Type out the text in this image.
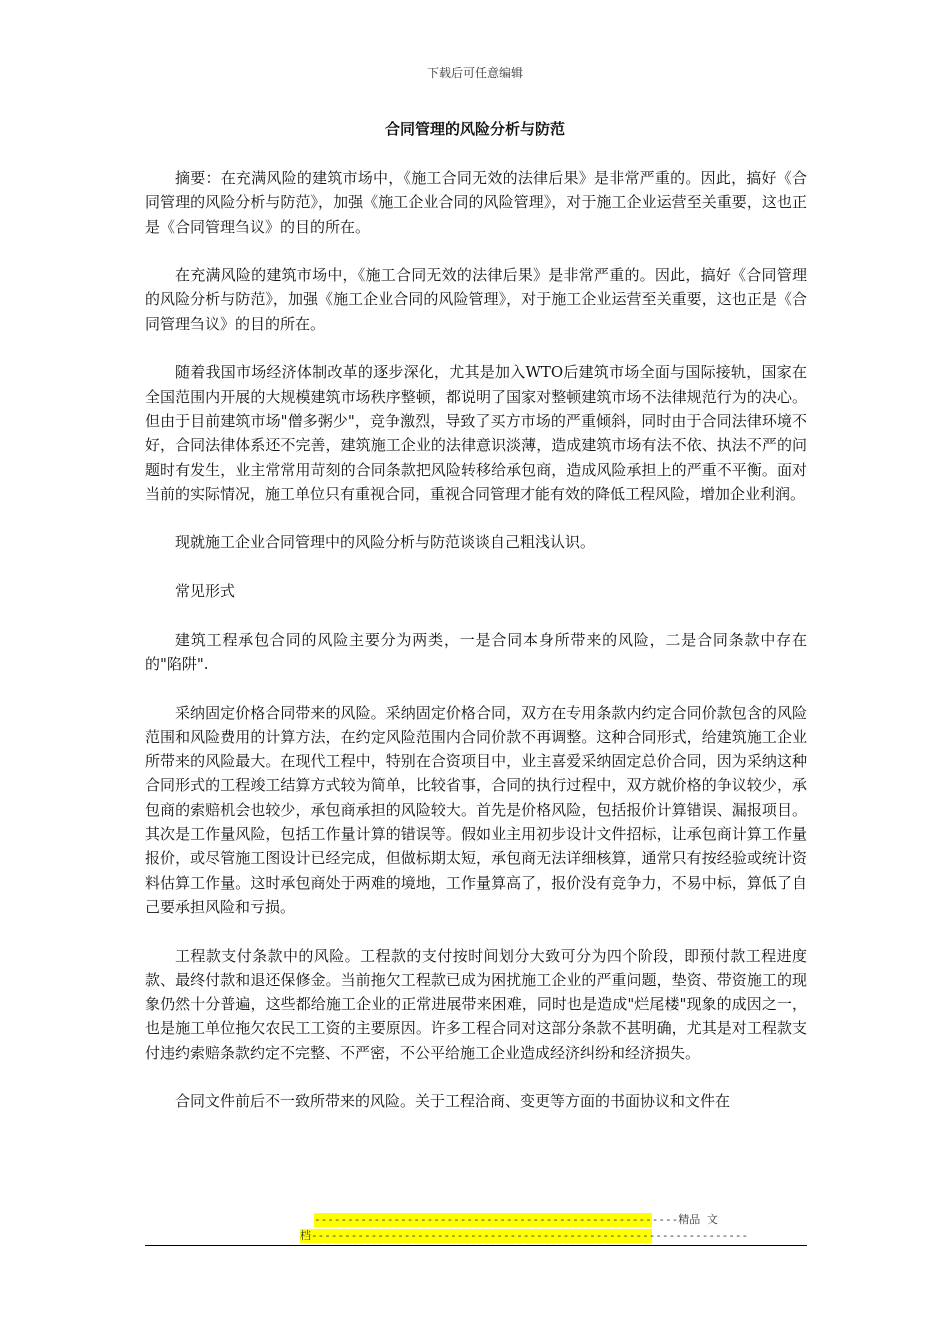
下载后可任意编辑
合同管理的风险分析与防范

摘要：在充满风险的建筑市场中，《施工合同无效的法律后果》是非常严重的。因此，搞好《合同管理的风险分析与防范》，加强《施工企业合同的风险管理》，对于施工企业运营至关重要，这也正是《合同管理刍议》的目的所在。

在充满风险的建筑市场中，《施工合同无效的法律后果》是非常严重的。因此，搞好《合同管理的风险分析与防范》，加强《施工企业合同的风险管理》，对于施工企业运营至关重要，这也正是《合同管理刍议》的目的所在。

随着我国市场经济体制改革的逐步深化，尤其是加入WTO后建筑市场全面与国际接轨，国家在全国范围内开展的大规模建筑市场秩序整顿，都说明了国家对整顿建筑市场不法律规范行为的决心。但由于目前建筑市场"僧多粥少"，竞争激烈，导致了买方市场的严重倾斜，同时由于合同法律环境不好，合同法律体系还不完善，建筑施工企业的法律意识淡薄，造成建筑市场有法不依、执法不严的问题时有发生，业主常常用苛刻的合同条款把风险转移给承包商，造成风险承担上的严重不平衡。面对当前的实际情况，施工单位只有重视合同，重视合同管理才能有效的降低工程风险，增加企业利润。

现就施工企业合同管理中的风险分析与防范谈谈自己粗浅认识。

常见形式

建筑工程承包合同的风险主要分为两类，一是合同本身所带来的风险，二是合同条款中存在的"陷阱".

采纳固定价格合同带来的风险。采纳固定价格合同，双方在专用条款内约定合同价款包含的风险范围和风险费用的计算方法，在约定风险范围内合同价款不再调整。这种合同形式，给建筑施工企业所带来的风险最大。在现代工程中，特别在合资项目中，业主喜爱采纳固定总价合同，因为采纳这种合同形式的工程竣工结算方式较为简单，比较省事，合同的执行过程中，双方就价格的争议较少，承包商的索赔机会也较少，承包商承担的风险较大。首先是价格风险，包括报价计算错误、漏报项目。其次是工作量风险，包括工作量计算的错误等。假如业主用初步设计文件招标，让承包商计算工作量报价，或尽管施工图设计已经完成，但做标期太短，承包商无法详细核算，通常只有按经验或统计资料估算工作量。这时承包商处于两难的境地，工作量算高了，报价没有竞争力，不易中标，算低了自己要承担风险和亏损。

工程款支付条款中的风险。工程款的支付按时间划分大致可分为四个阶段，即预付款工程进度款、最终付款和退还保修金。当前拖欠工程款已成为困扰施工企业的严重问题，垫资、带资施工的现象仍然十分普遍，这些都给施工企业的正常进展带来困难，同时也是造成"烂尾楼"现象的成因之一，也是施工单位拖欠农民工工资的主要原因。许多工程合同对这部分条款不甚明确，尤其是对工程款支付违约索赔条款约定不完整、不严密，不公平给施工企业造成经济纠纷和经济损失。

合同文件前后不一致所带来的风险。关于工程洽商、变更等方面的书面协议和文件在

-------------------------------------------------------精品 文
档------------------------------------------------------------------
